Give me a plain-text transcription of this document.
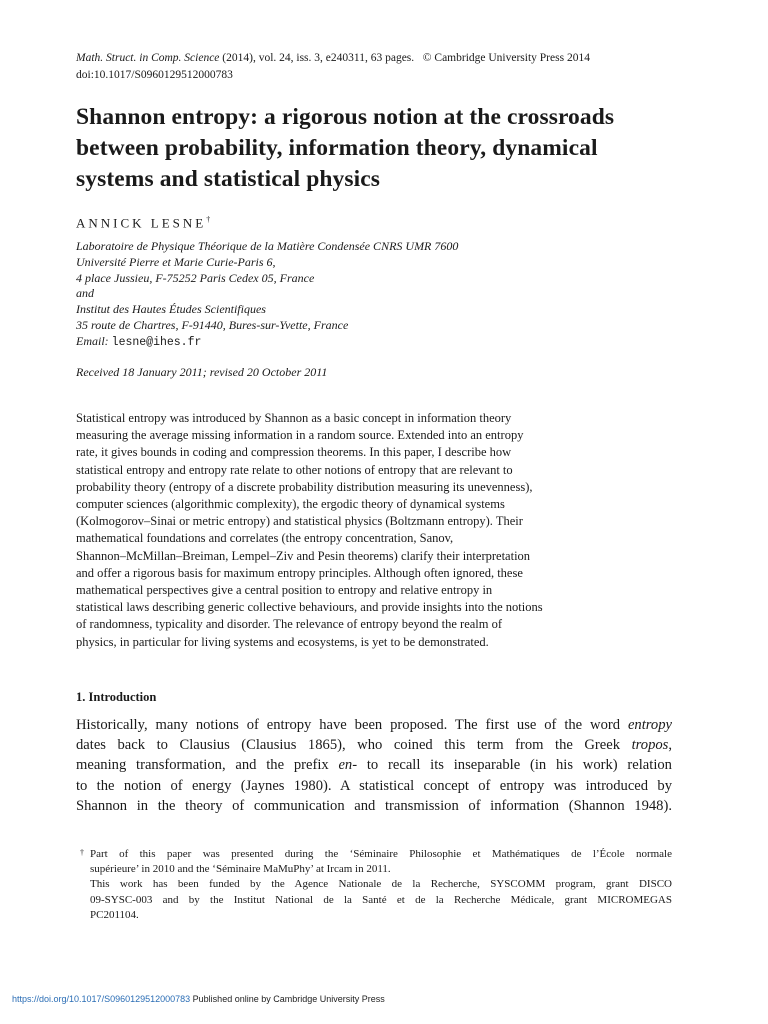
Math. Struct. in Comp. Science (2014), vol. 24, iss. 3, e240311, 63 pages. © Cambridge University Press 2014
doi:10.1017/S0960129512000783
Shannon entropy: a rigorous notion at the crossroads
between probability, information theory, dynamical
systems and statistical physics
ANNICK LESNE†
Laboratoire de Physique Théorique de la Matière Condensée CNRS UMR 7600
Université Pierre et Marie Curie-Paris 6,
4 place Jussieu, F-75252 Paris Cedex 05, France
and
Institut des Hautes Études Scientifiques
35 route de Chartres, F-91440, Bures-sur-Yvette, France
Email: lesne@ihes.fr
Received 18 January 2011; revised 20 October 2011
Statistical entropy was introduced by Shannon as a basic concept in information theory
measuring the average missing information in a random source. Extended into an entropy
rate, it gives bounds in coding and compression theorems. In this paper, I describe how
statistical entropy and entropy rate relate to other notions of entropy that are relevant to
probability theory (entropy of a discrete probability distribution measuring its unevenness),
computer sciences (algorithmic complexity), the ergodic theory of dynamical systems
(Kolmogorov–Sinai or metric entropy) and statistical physics (Boltzmann entropy). Their
mathematical foundations and correlates (the entropy concentration, Sanov,
Shannon–McMillan–Breiman, Lempel–Ziv and Pesin theorems) clarify their interpretation
and offer a rigorous basis for maximum entropy principles. Although often ignored, these
mathematical perspectives give a central position to entropy and relative entropy in
statistical laws describing generic collective behaviours, and provide insights into the notions
of randomness, typicality and disorder. The relevance of entropy beyond the realm of
physics, in particular for living systems and ecosystems, is yet to be demonstrated.
1. Introduction
Historically, many notions of entropy have been proposed. The first use of the word entropy
dates back to Clausius (Clausius 1865), who coined this term from the Greek tropos,
meaning transformation, and the prefix en- to recall its inseparable (in his work) relation
to the notion of energy (Jaynes 1980). A statistical concept of entropy was introduced by
Shannon in the theory of communication and transmission of information (Shannon 1948).
† Part of this paper was presented during the ‘Séminaire Philosophie et Mathématiques de l’École normale
supérieure’ in 2010 and the ‘Séminaire MaMuPhy’ at Ircam in 2011.
This work has been funded by the Agence Nationale de la Recherche, SYSCOMM program, grant DISCO
09-SYSC-003 and by the Institut National de la Santé et de la Recherche Médicale, grant MICROMEGAS
PC201104.
https://doi.org/10.1017/S0960129512000783 Published online by Cambridge University Press
